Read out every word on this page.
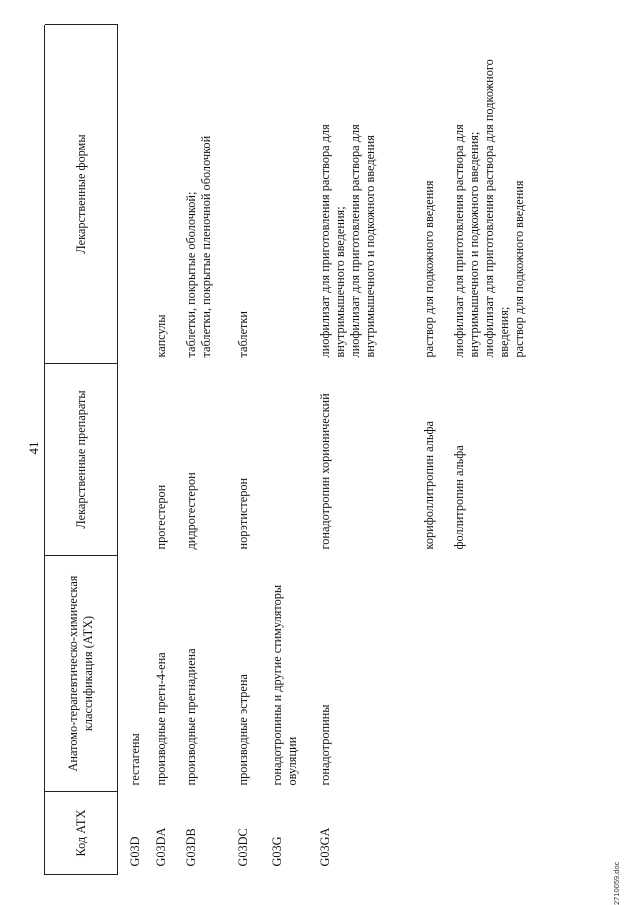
41
Код АТХ	Анатомо-терапевтическо-химическая классификация (АТХ)	Лекарственные препараты	Лекарственные формы
G03D	гестагены		
G03DA	производные прегн-4-ена	прогестерон	капсулы

G03DB	производные прегнадиена	дидрогестерон	таблетки, покрытые оболочкой; таблетки, покрытые пленочной оболочкой

G03DC	производные эстрена	норэтистерон	таблетки

G03G	гонадотропины и другие стимуляторы овуляции		
G03GA	гонадотропины	гонадотропин хорионический	лиофилизат для приготовления раствора для внутримышечного введения; лиофилизат для приготовления раствора для внутримышечного и подкожного введения

		корифоллитропин альфа	раствор для подкожного введения

		фоллитропин альфа	лиофилизат для приготовления раствора для внутримышечного и подкожного введения; лиофилизат для приготовления раствора для подкожного введения; раствор для подкожного введения
2710059.doc
